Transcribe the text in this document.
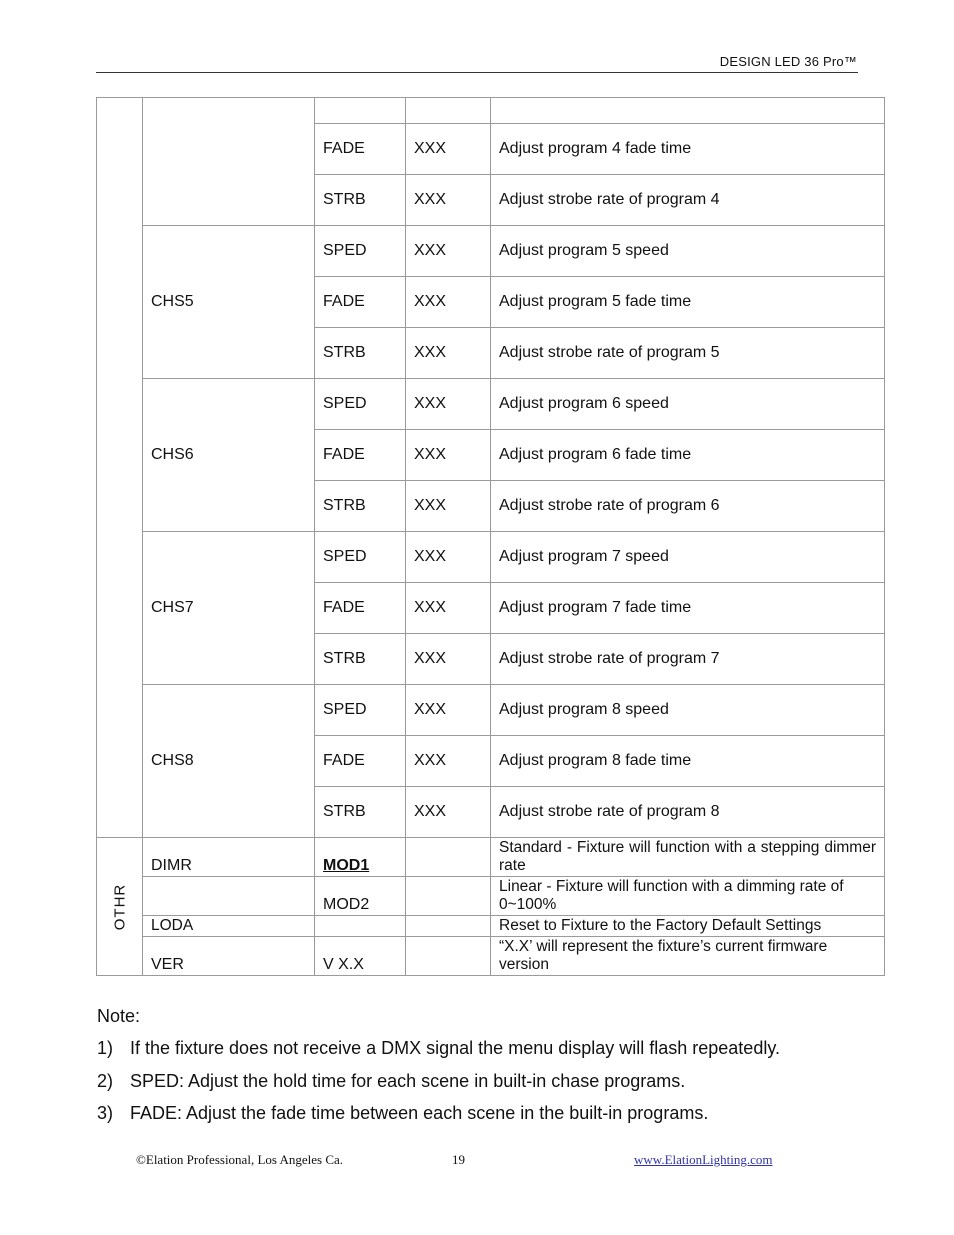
DESIGN LED 36 Pro™

		FADE	XXX	Adjust program 4 fade time
		STRB	XXX	Adjust strobe rate of program 4
	CHS5	SPED	XXX	Adjust program 5 speed
		FADE	XXX	Adjust program 5 fade time
		STRB	XXX	Adjust strobe rate of program 5
	CHS6	SPED	XXX	Adjust program 6 speed
		FADE	XXX	Adjust program 6 fade time
		STRB	XXX	Adjust strobe rate of program 6
	CHS7	SPED	XXX	Adjust program 7 speed
		FADE	XXX	Adjust program 7 fade time
		STRB	XXX	Adjust strobe rate of program 7
	CHS8	SPED	XXX	Adjust program 8 speed
		FADE	XXX	Adjust program 8 fade time
		STRB	XXX	Adjust strobe rate of program 8

OTHR	DIMR	MOD1		Standard - Fixture will function with a stepping dimmer rate
		MOD2		Linear - Fixture will function with a dimming rate of 0~100%
	LODA			Reset to Fixture to the Factory Default Settings
	VER	V X.X		“X.X’ will represent the fixture’s current firmware version
Note:
1) If the fixture does not receive a DMX signal the menu display will flash repeatedly.
2) SPED: Adjust the hold time for each scene in built-in chase programs.
3) FADE: Adjust the fade time between each scene in the built-in programs.
©Elation Professional, Los Angeles Ca.	19	www.ElationLighting.com
